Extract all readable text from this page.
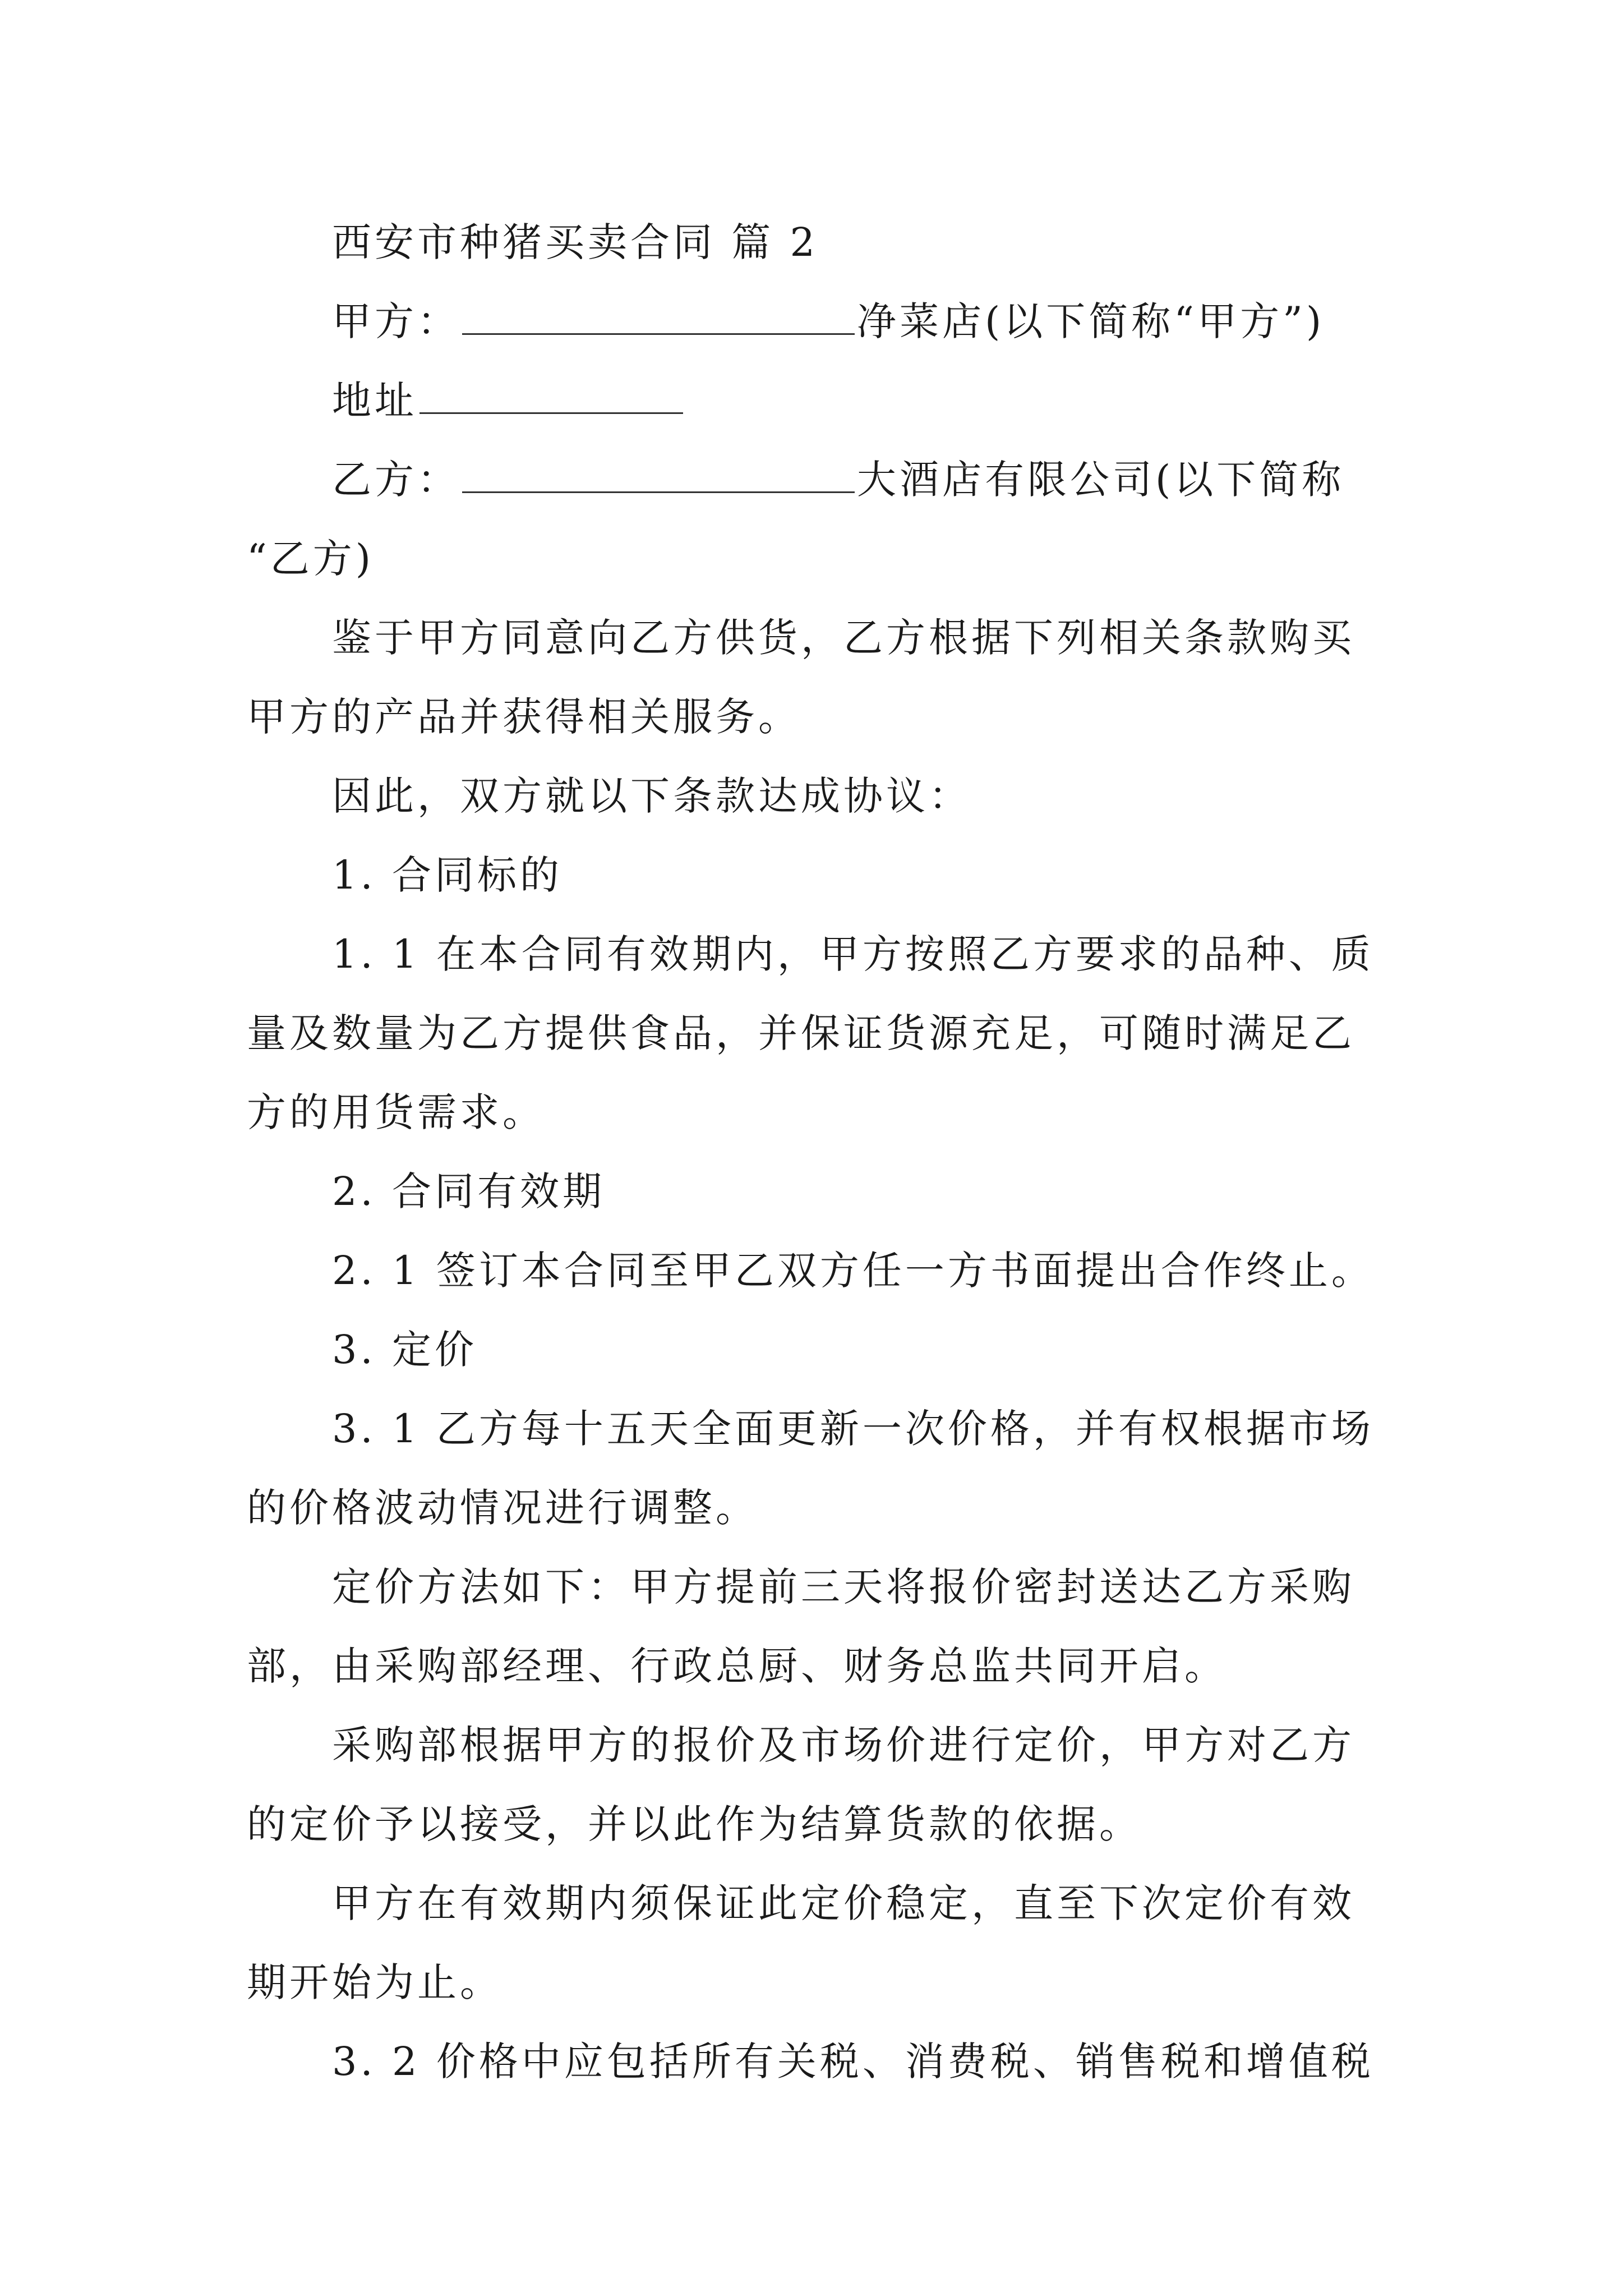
西安市种猪买卖合同 篇 2
甲方：	净菜店(以下简称“甲方”)
地址
乙方：	大酒店有限公司(以下简称
“乙方)
鉴于甲方同意向乙方供货，乙方根据下列相关条款购买
甲方的产品并获得相关服务。
因此，双方就以下条款达成协议：
1. 合同标的
1. 1 在本合同有效期内，甲方按照乙方要求的品种、质
量及数量为乙方提供食品，并保证货源充足，可随时满足乙
方的用货需求。
2. 合同有效期
2. 1 签订本合同至甲乙双方任一方书面提出合作终止。
3. 定价
3. 1 乙方每十五天全面更新一次价格，并有权根据市场
的价格波动情况进行调整。
定价方法如下：甲方提前三天将报价密封送达乙方采购
部，由采购部经理、行政总厨、财务总监共同开启。
采购部根据甲方的报价及市场价进行定价，甲方对乙方
的定价予以接受，并以此作为结算货款的依据。
甲方在有效期内须保证此定价稳定，直至下次定价有效
期开始为止。
3. 2 价格中应包括所有关税、消费税、销售税和增值税
